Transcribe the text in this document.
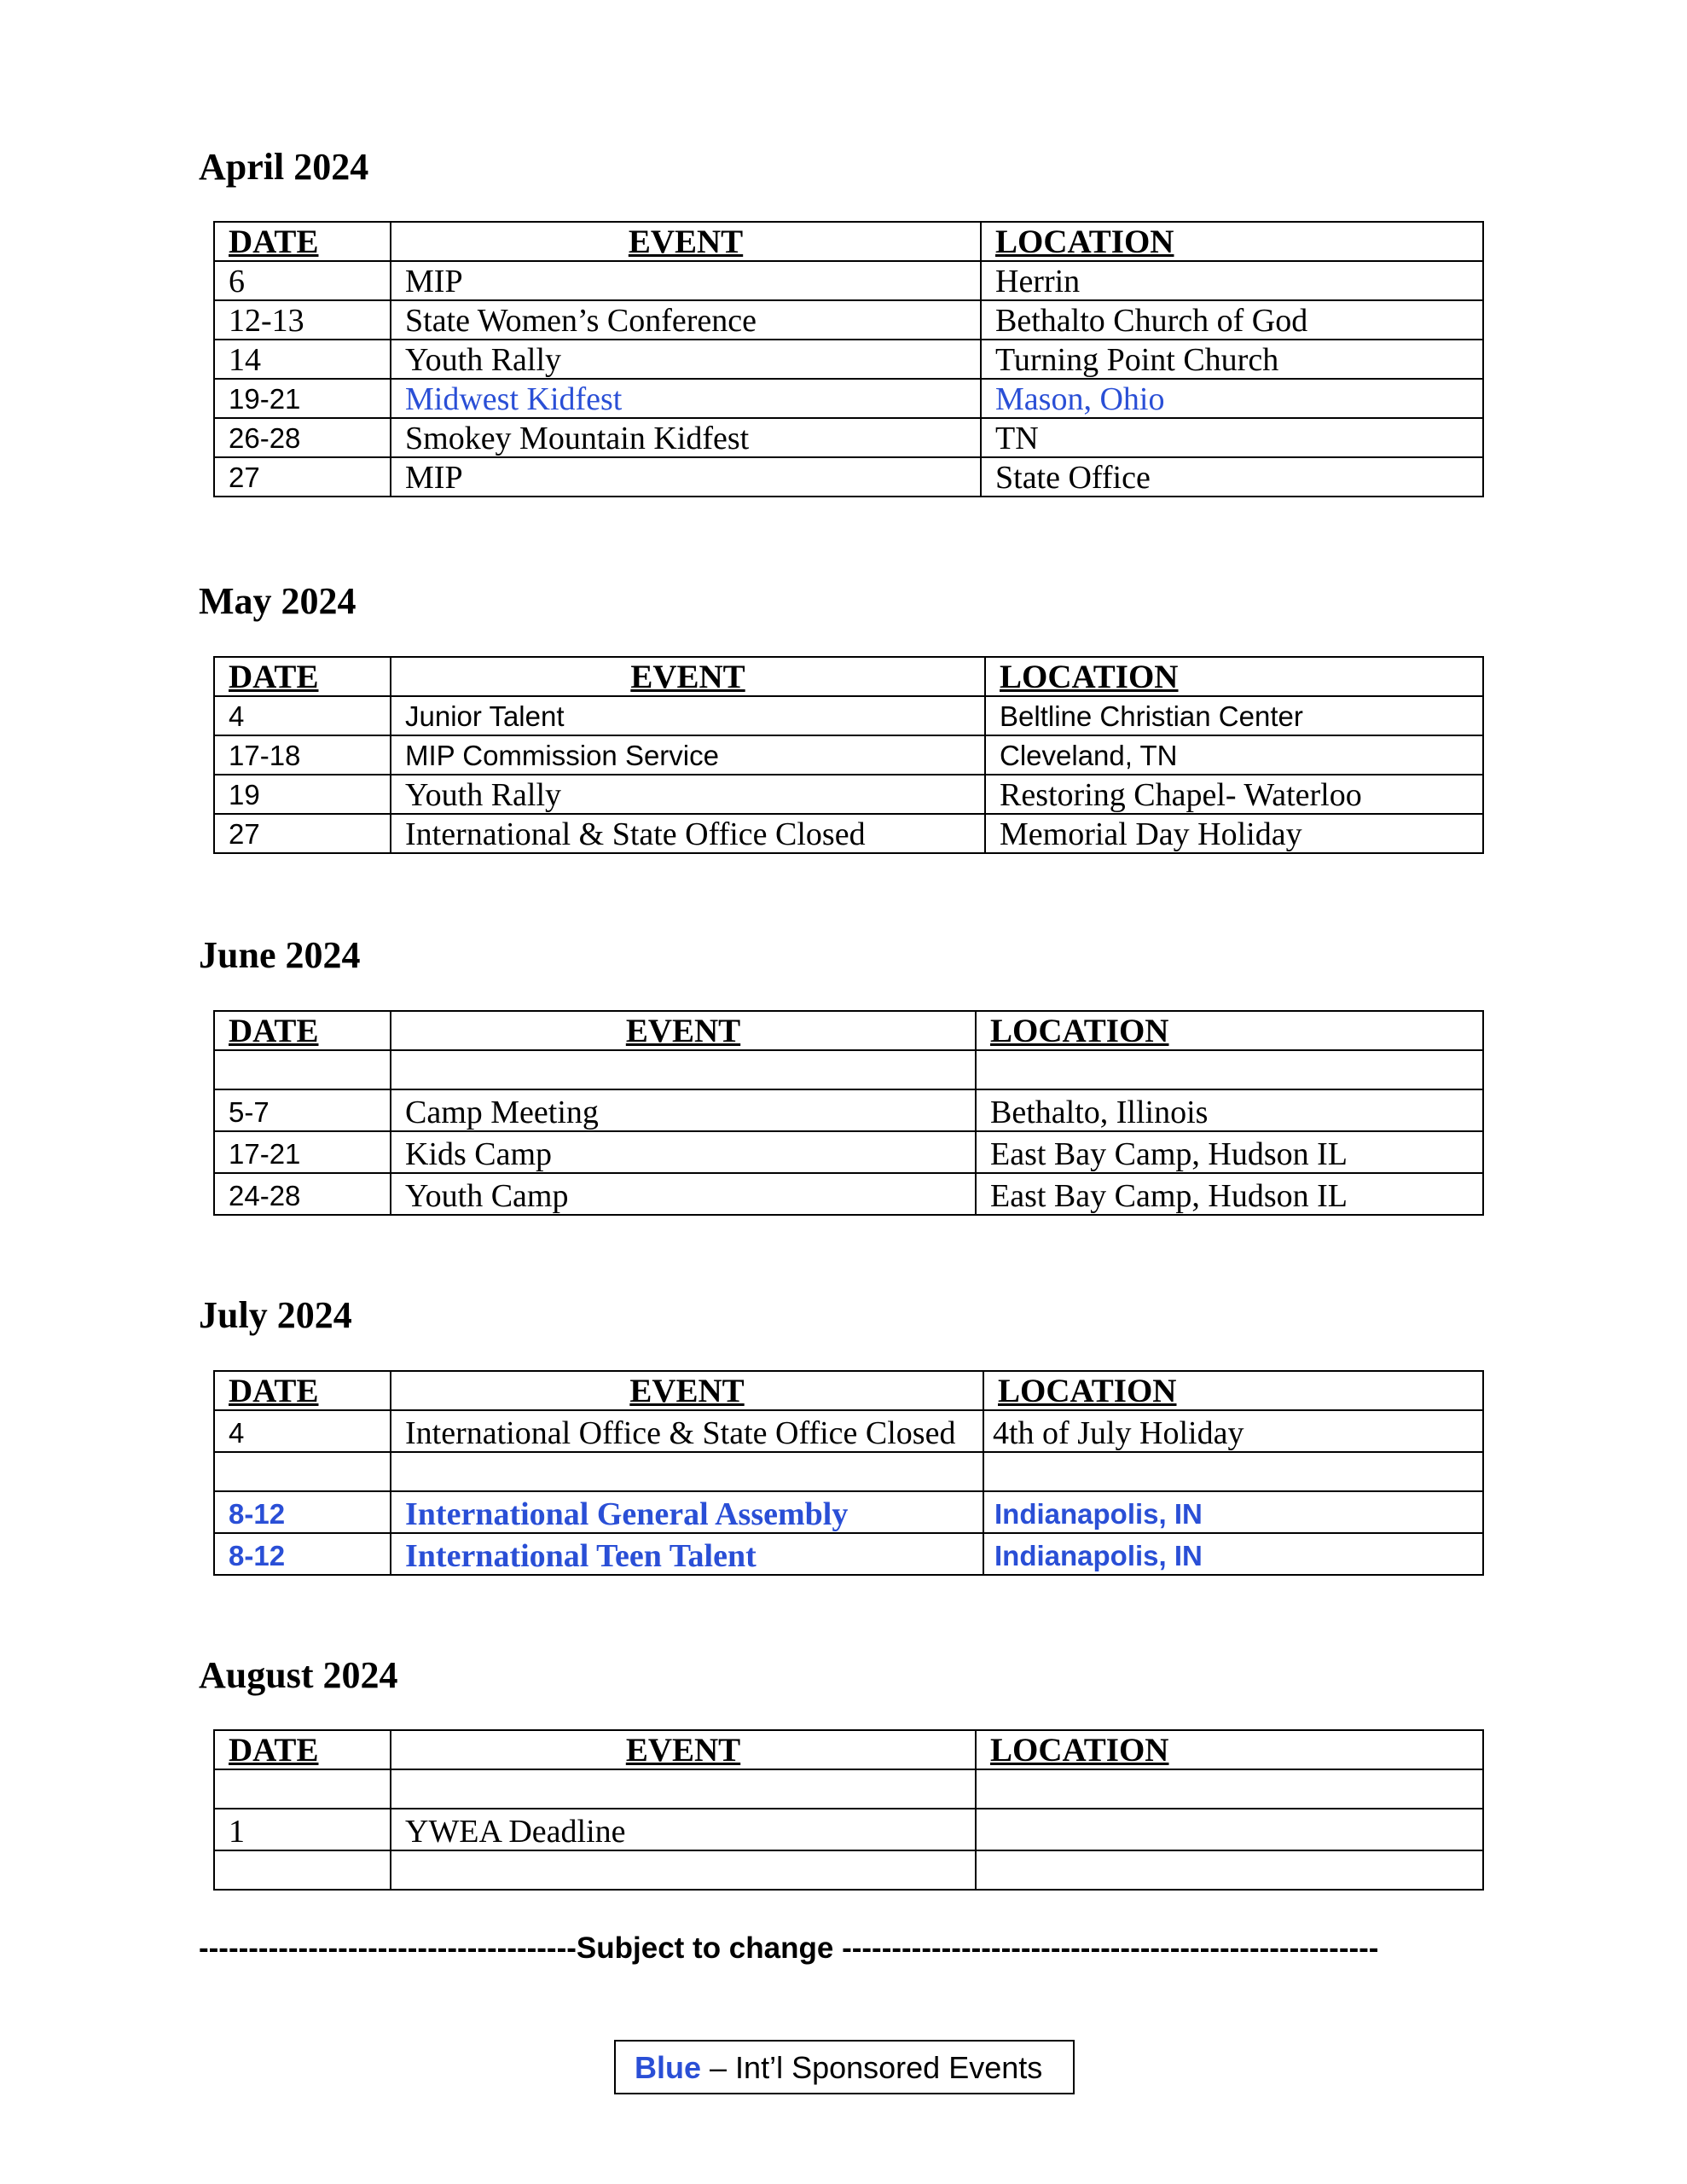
April 2024
DATE	EVENT	LOCATION
6	MIP	Herrin
12-13	State Women’s Conference	Bethalto Church of God
14	Youth Rally	Turning Point Church
19-21	Midwest Kidfest	Mason, Ohio
26-28	Smokey Mountain Kidfest	TN
27	MIP	State Office
May 2024
DATE	EVENT	LOCATION
4	Junior Talent	Beltline Christian Center
17-18	MIP Commission Service	Cleveland, TN
19	Youth Rally	Restoring Chapel- Waterloo
27	International & State Office Closed	Memorial Day Holiday
June 2024
DATE	EVENT	LOCATION

5-7	Camp Meeting	Bethalto, Illinois
17-21	Kids Camp	East Bay Camp, Hudson IL
24-28	Youth Camp	East Bay Camp, Hudson IL
July 2024
DATE	EVENT	LOCATION
4	International Office & State Office Closed	4th of July Holiday

8-12	International General Assembly	Indianapolis, IN
8-12	International Teen Talent	Indianapolis, IN
August 2024
DATE	EVENT	LOCATION

1	YWEA Deadline	

--------------------------------------Subject to change ------------------------------------------------------
Blue – Int’l Sponsored Events
